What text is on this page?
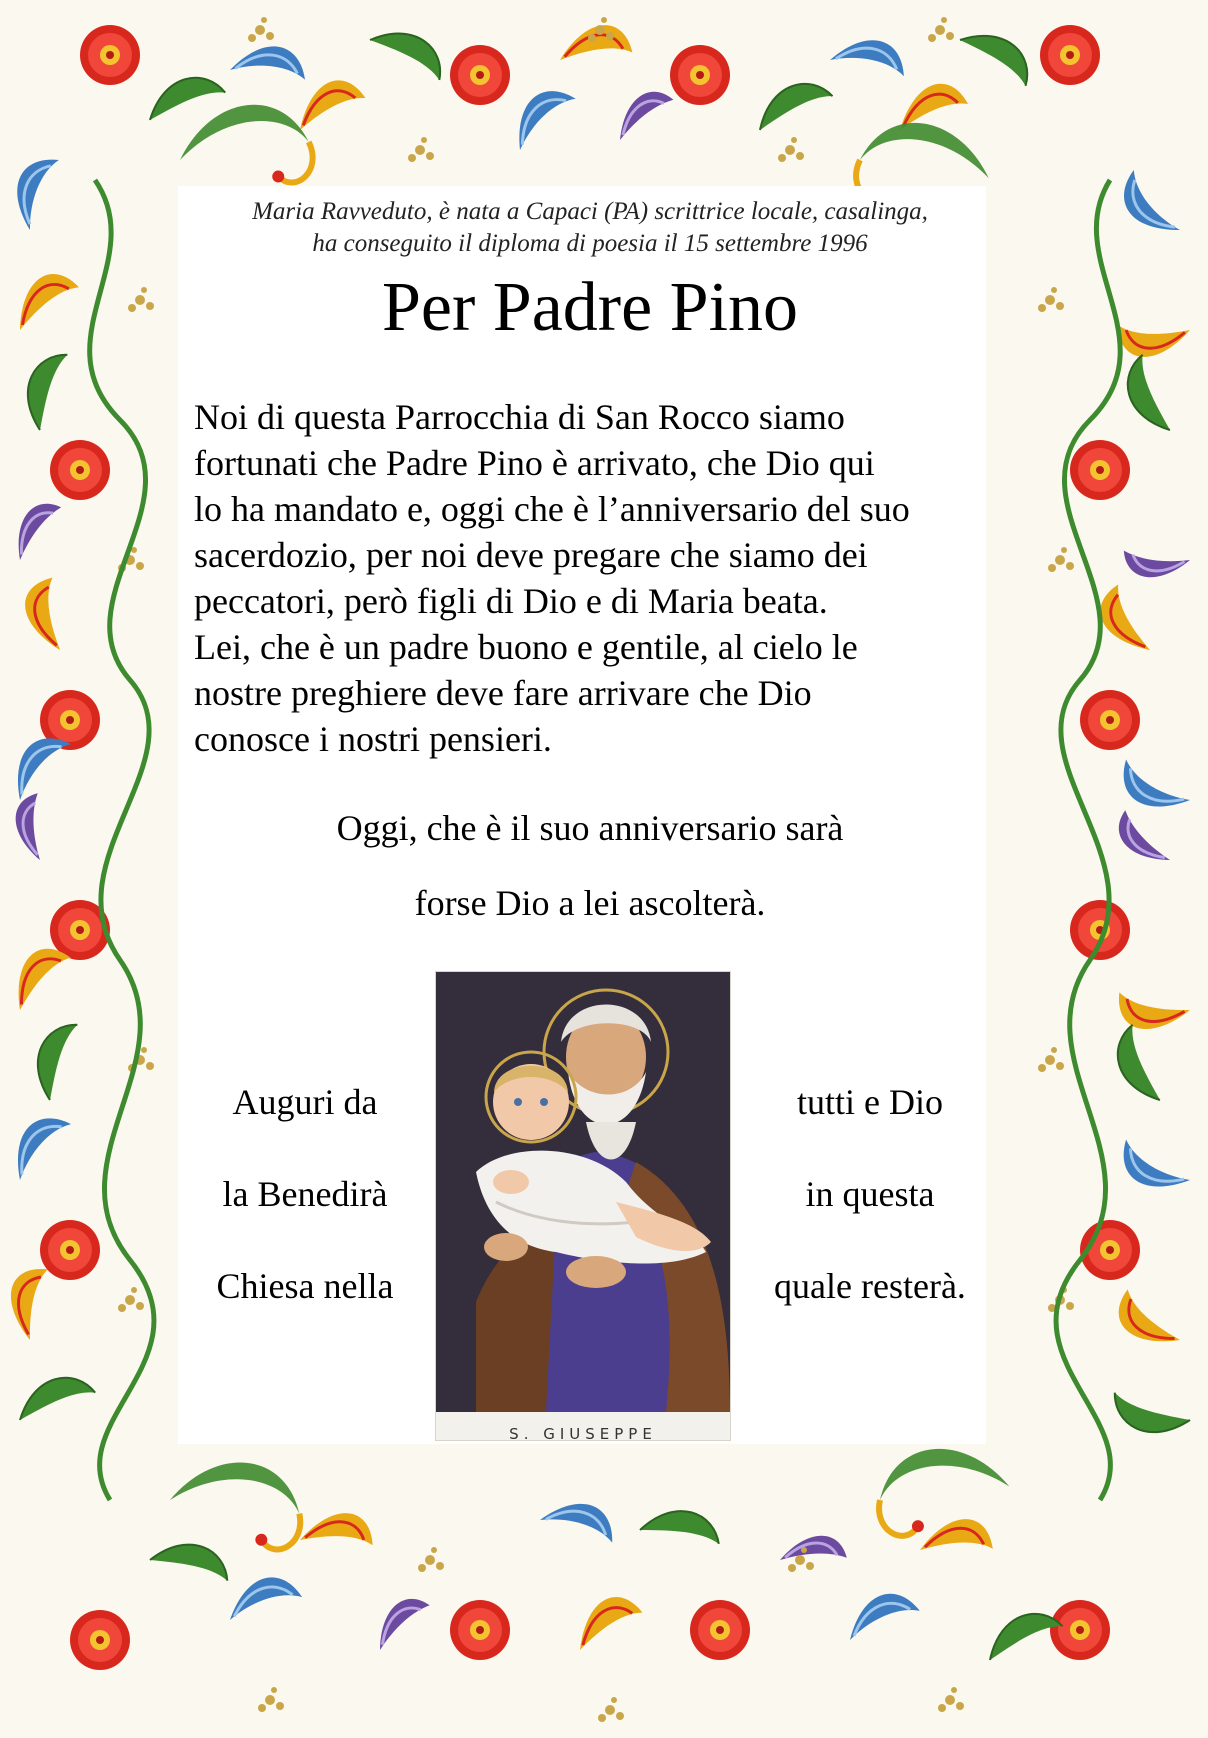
Maria Ravveduto, è nata a Capaci (PA) scrittrice locale, casalinga,
ha conseguito il diploma di poesia il 15 settembre 1996
Per Padre Pino

Noi di questa Parrocchia di San Rocco siamo

fortunati che Padre Pino è arrivato, che Dio qui

lo ha mandato e, oggi che è l’anniversario del suo

sacerdozio, per noi deve pregare che siamo dei

peccatori, però figli di Dio e di Maria beata.

Lei, che è un padre buono e gentile, al cielo le

nostre preghiere deve fare arrivare che Dio

conosce i nostri pensieri.

Oggi, che è il suo anniversario sarà
forse Dio a lei ascolterà.
Auguri da
la Benedirà
Chiesa nella
tutti e Dio
in questa
quale resterà.
S. GIUSEPPE
